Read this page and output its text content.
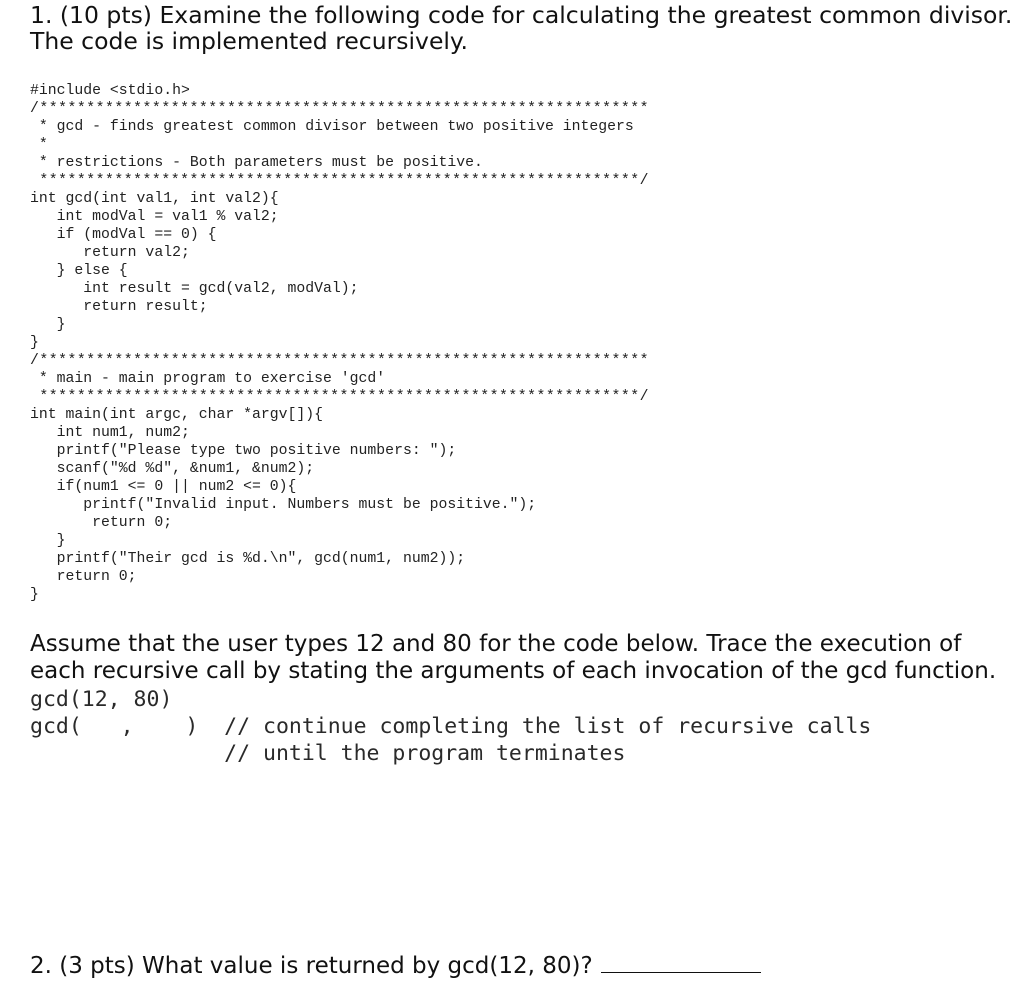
1. (10 pts) Examine the following code for calculating the greatest common divisor. The code is implemented recursively.
#include <stdio.h>
/*****************************************************************
* gcd - finds greatest common divisor between two positive integers
*
* restrictions - Both parameters must be positive.
****************************************************************/
int gcd(int val1, int val2){
int modVal = val1 % val2;
if (modVal == 0) {
return val2;
} else {
int result = gcd(val2, modVal);
return result;
}
}
/*****************************************************************
* main - main program to exercise 'gcd'
****************************************************************/
int main(int argc, char *argv[]){
int num1, num2;
printf("Please type two positive numbers: ");
scanf("%d %d", &num1, &num2);
if(num1 <= 0 || num2 <= 0){
printf("Invalid input. Numbers must be positive.");
return 0;
}
printf("Their gcd is %d.\n", gcd(num1, num2));
return 0;
}

Assume that the user types 12 and 80 for the code below. Trace the execution of each recursive call by stating the arguments of each invocation of the gcd function.

gcd(12, 80)
gcd(   ,    )  // continue completing the list of recursive calls
// until the program terminates

2. (3 pts) What value is returned by gcd(12, 80)?
